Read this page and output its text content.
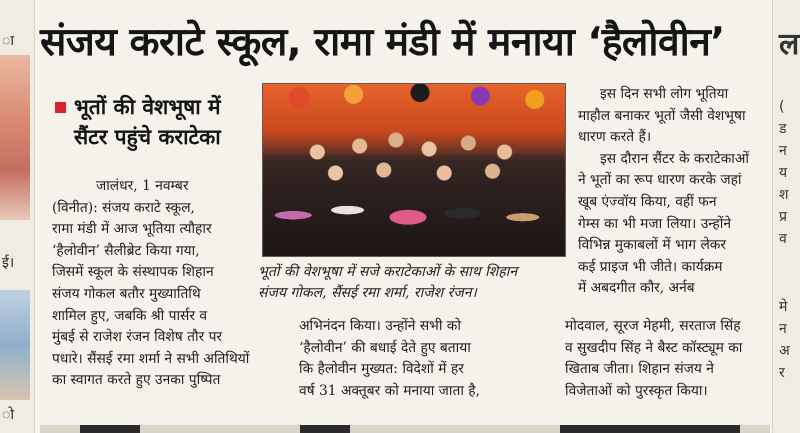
ा
ई।
ो
ल
(
ड
न
य
श
प्र
व
मे
न
अ
र
संजय कराटे स्कूल, रामा मंडी में मनाया ‘हैलोवीन’
भूतों की वेशभूषा में
सैंटर पहुंचे कराटेका
जालंधर, 1 नवम्बर

(विनीत): संजय कराटे स्कूल,

रामा मंडी में आज भूतिया त्यौहार

‘हैलोवीन’ सैलीब्रेट किया गया,

जिसमें स्कूल के संस्थापक शिहान

संजय गोकल बतौर मुख्यातिथि

शामिल हुए, जबकि श्री पार्सर व

मुंबई से राजेश रंजन विशेष तौर पर

पधारे। सैंसई रमा शर्मा ने सभी अतिथियों

का स्वागत करते हुए उनका पुष्पित

भूतों की वेशभूषा में सजे कराटेकाओं के साथ शिहान
संजय गोकल, सैंसई रमा शर्मा, राजेश रंजन।

अभिनंदन किया। उन्होंने सभी को

‘हैलोवीन’ की बधाई देते हुए बताया

कि हैलोवीन मुख्यत: विदेशों में हर

वर्ष 31 अक्तूबर को मनाया जाता है,

इस दिन सभी लोग भूतिया

माहौल बनाकर भूतों जैसी वेशभूषा

धारण करते हैं।

इस दौरान सैंटर के कराटेकाओं

ने भूतों का रूप धारण करके जहां

खूब एंज्वॉय किया, वहीं फन

गेम्स का भी मजा लिया। उन्होंने

विभिन्न मुकाबलों में भाग लेकर

कई प्राइज भी जीते। कार्यक्रम

में अबदगीत कौर, अर्नब

मोदवाल, सूरज मेहमी, सरताज सिंह

व सुखदीप सिंह ने बैस्ट कॉस्ट्यूम का

खिताब जीता। शिहान संजय ने

विजेताओं को पुरस्कृत किया।
